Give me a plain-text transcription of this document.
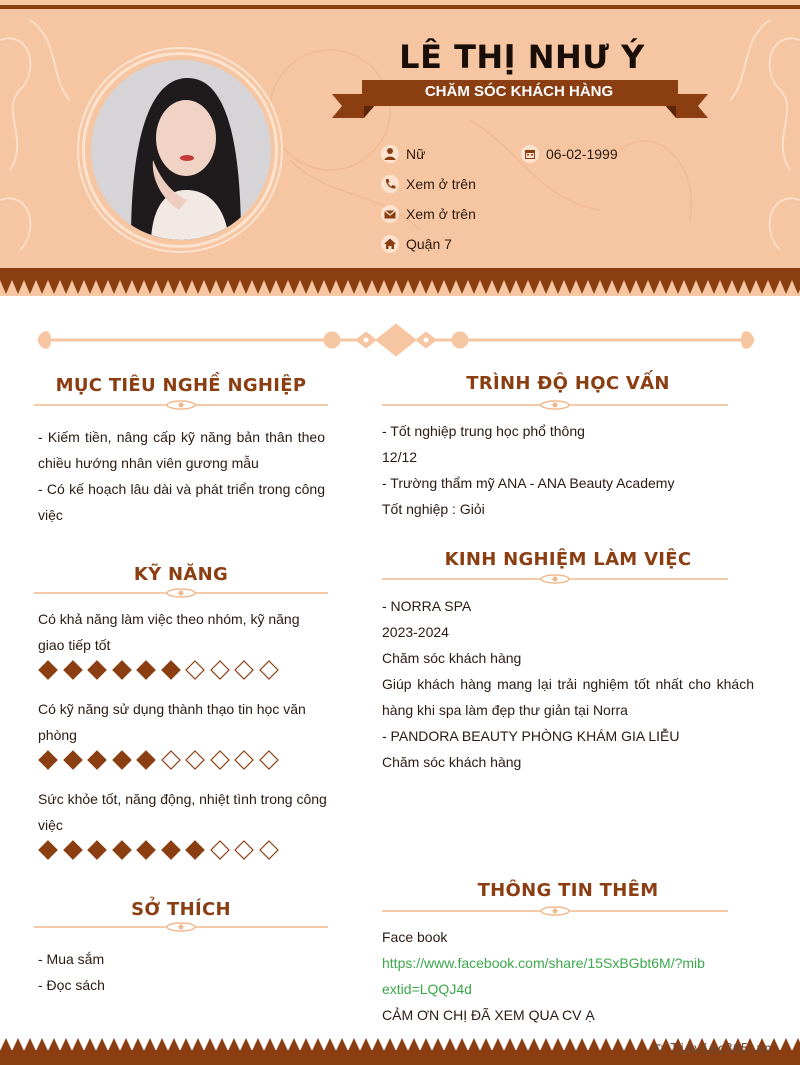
LÊ THỊ NHƯ Ý
CHĂM SÓC KHÁCH HÀNG
Nữ	06-02-1999
Xem ở trên
Xem ở trên
Quận 7
MỤC TIÊU NGHỀ NGHIỆP
- Kiếm tiền, nâng cấp kỹ năng bản thân theo chiều hướng nhân viên gương mẫu
- Có kế hoạch lâu dài và phát triển trong công việc
KỸ NĂNG
Có khả năng làm việc theo nhóm, kỹ năng giao tiếp tốt
Có kỹ năng sử dụng thành thạo tin học văn phòng
Sức khỏe tốt, năng động, nhiệt tình trong công việc
SỞ THÍCH
- Mua sắm
- Đọc sách
TRÌNH ĐỘ HỌC VẤN
- Tốt nghiệp trung học phổ thông
12/12
- Trường thẩm mỹ ANA - ANA Beauty Academy
Tốt nghiệp : Giỏi
KINH NGHIỆM LÀM VIỆC
- NORRA SPA
2023-2024
Chăm sóc khách hàng
Giúp khách hàng mang lại trải nghiệm tốt nhất cho khách hàng khi spa làm đẹp thư giản tại Norra
- PANDORA BEAUTY PHÒNG KHÁM GIA LIỄU
Chăm sóc khách hàng
THÔNG TIN THÊM
Face book
https://www.facebook.com/share/15SxBGbt6M/?mibextid=LQQJ4d
CẢM ƠN CHỊ ĐÃ XEM QUA CV Ạ
© Timviec365.vn
